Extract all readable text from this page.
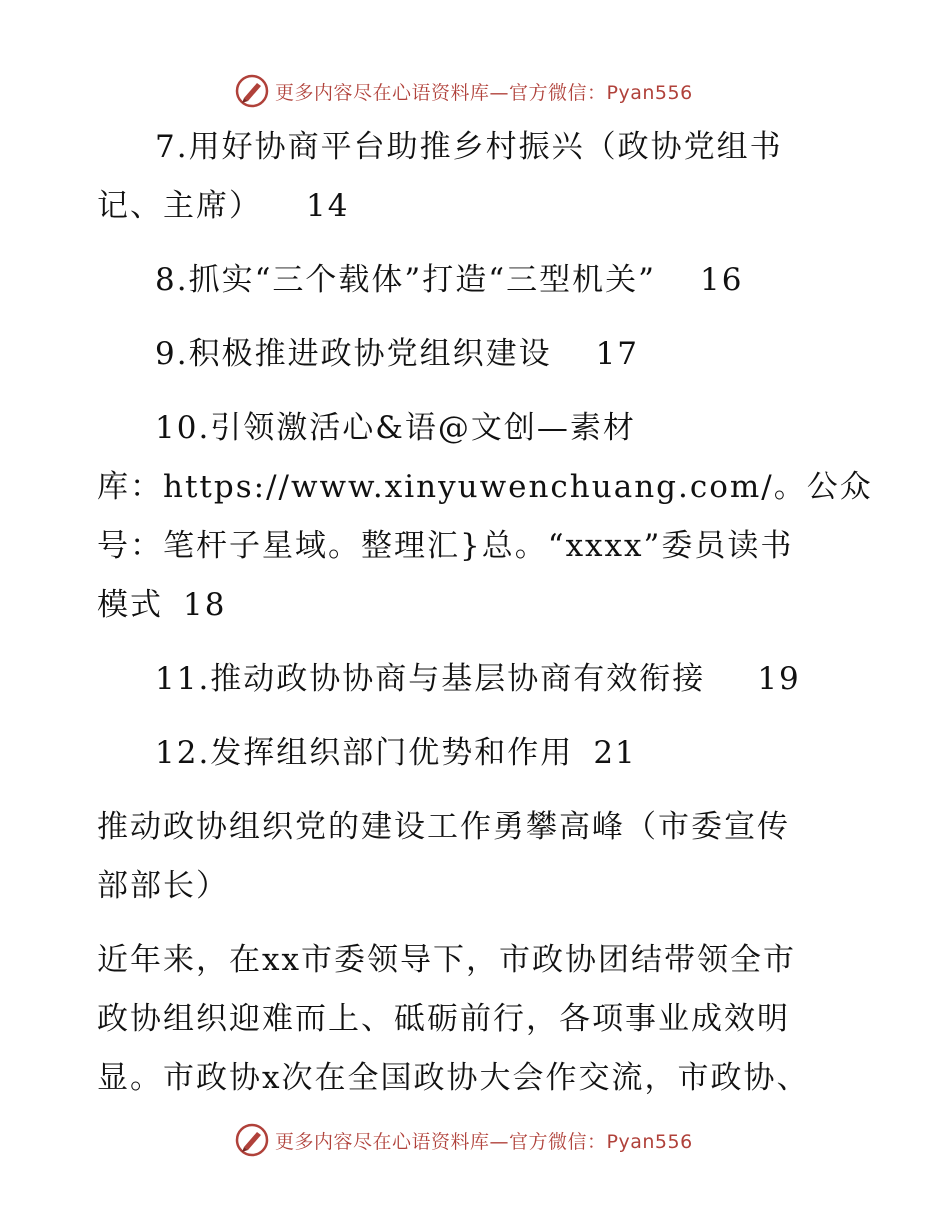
更多内容尽在心语资料库—官方微信：Pyan556
7.用好协商平台助推乡村振兴（政协党组书
记、主席） 14
8.抓实“三个载体”打造“三型机关” 16
9.积极推进政协党组织建设 17
10.引领激活心&语@文创—素材
库：https://www.xinyuwenchuang.com/。公众
号：笔杆子星域。整理汇}总。“xxxx”委员读书
模式 18
11.推动政协协商与基层协商有效衔接 19
12.发挥组织部门优势和作用 21
推动政协组织党的建设工作勇攀高峰（市委宣传
部部长）
近年来，在xx市委领导下，市政协团结带领全市
政协组织迎难而上、砥砺前行，各项事业成效明
显。市政协x次在全国政协大会作交流，市政协、
更多内容尽在心语资料库—官方微信：Pyan556
